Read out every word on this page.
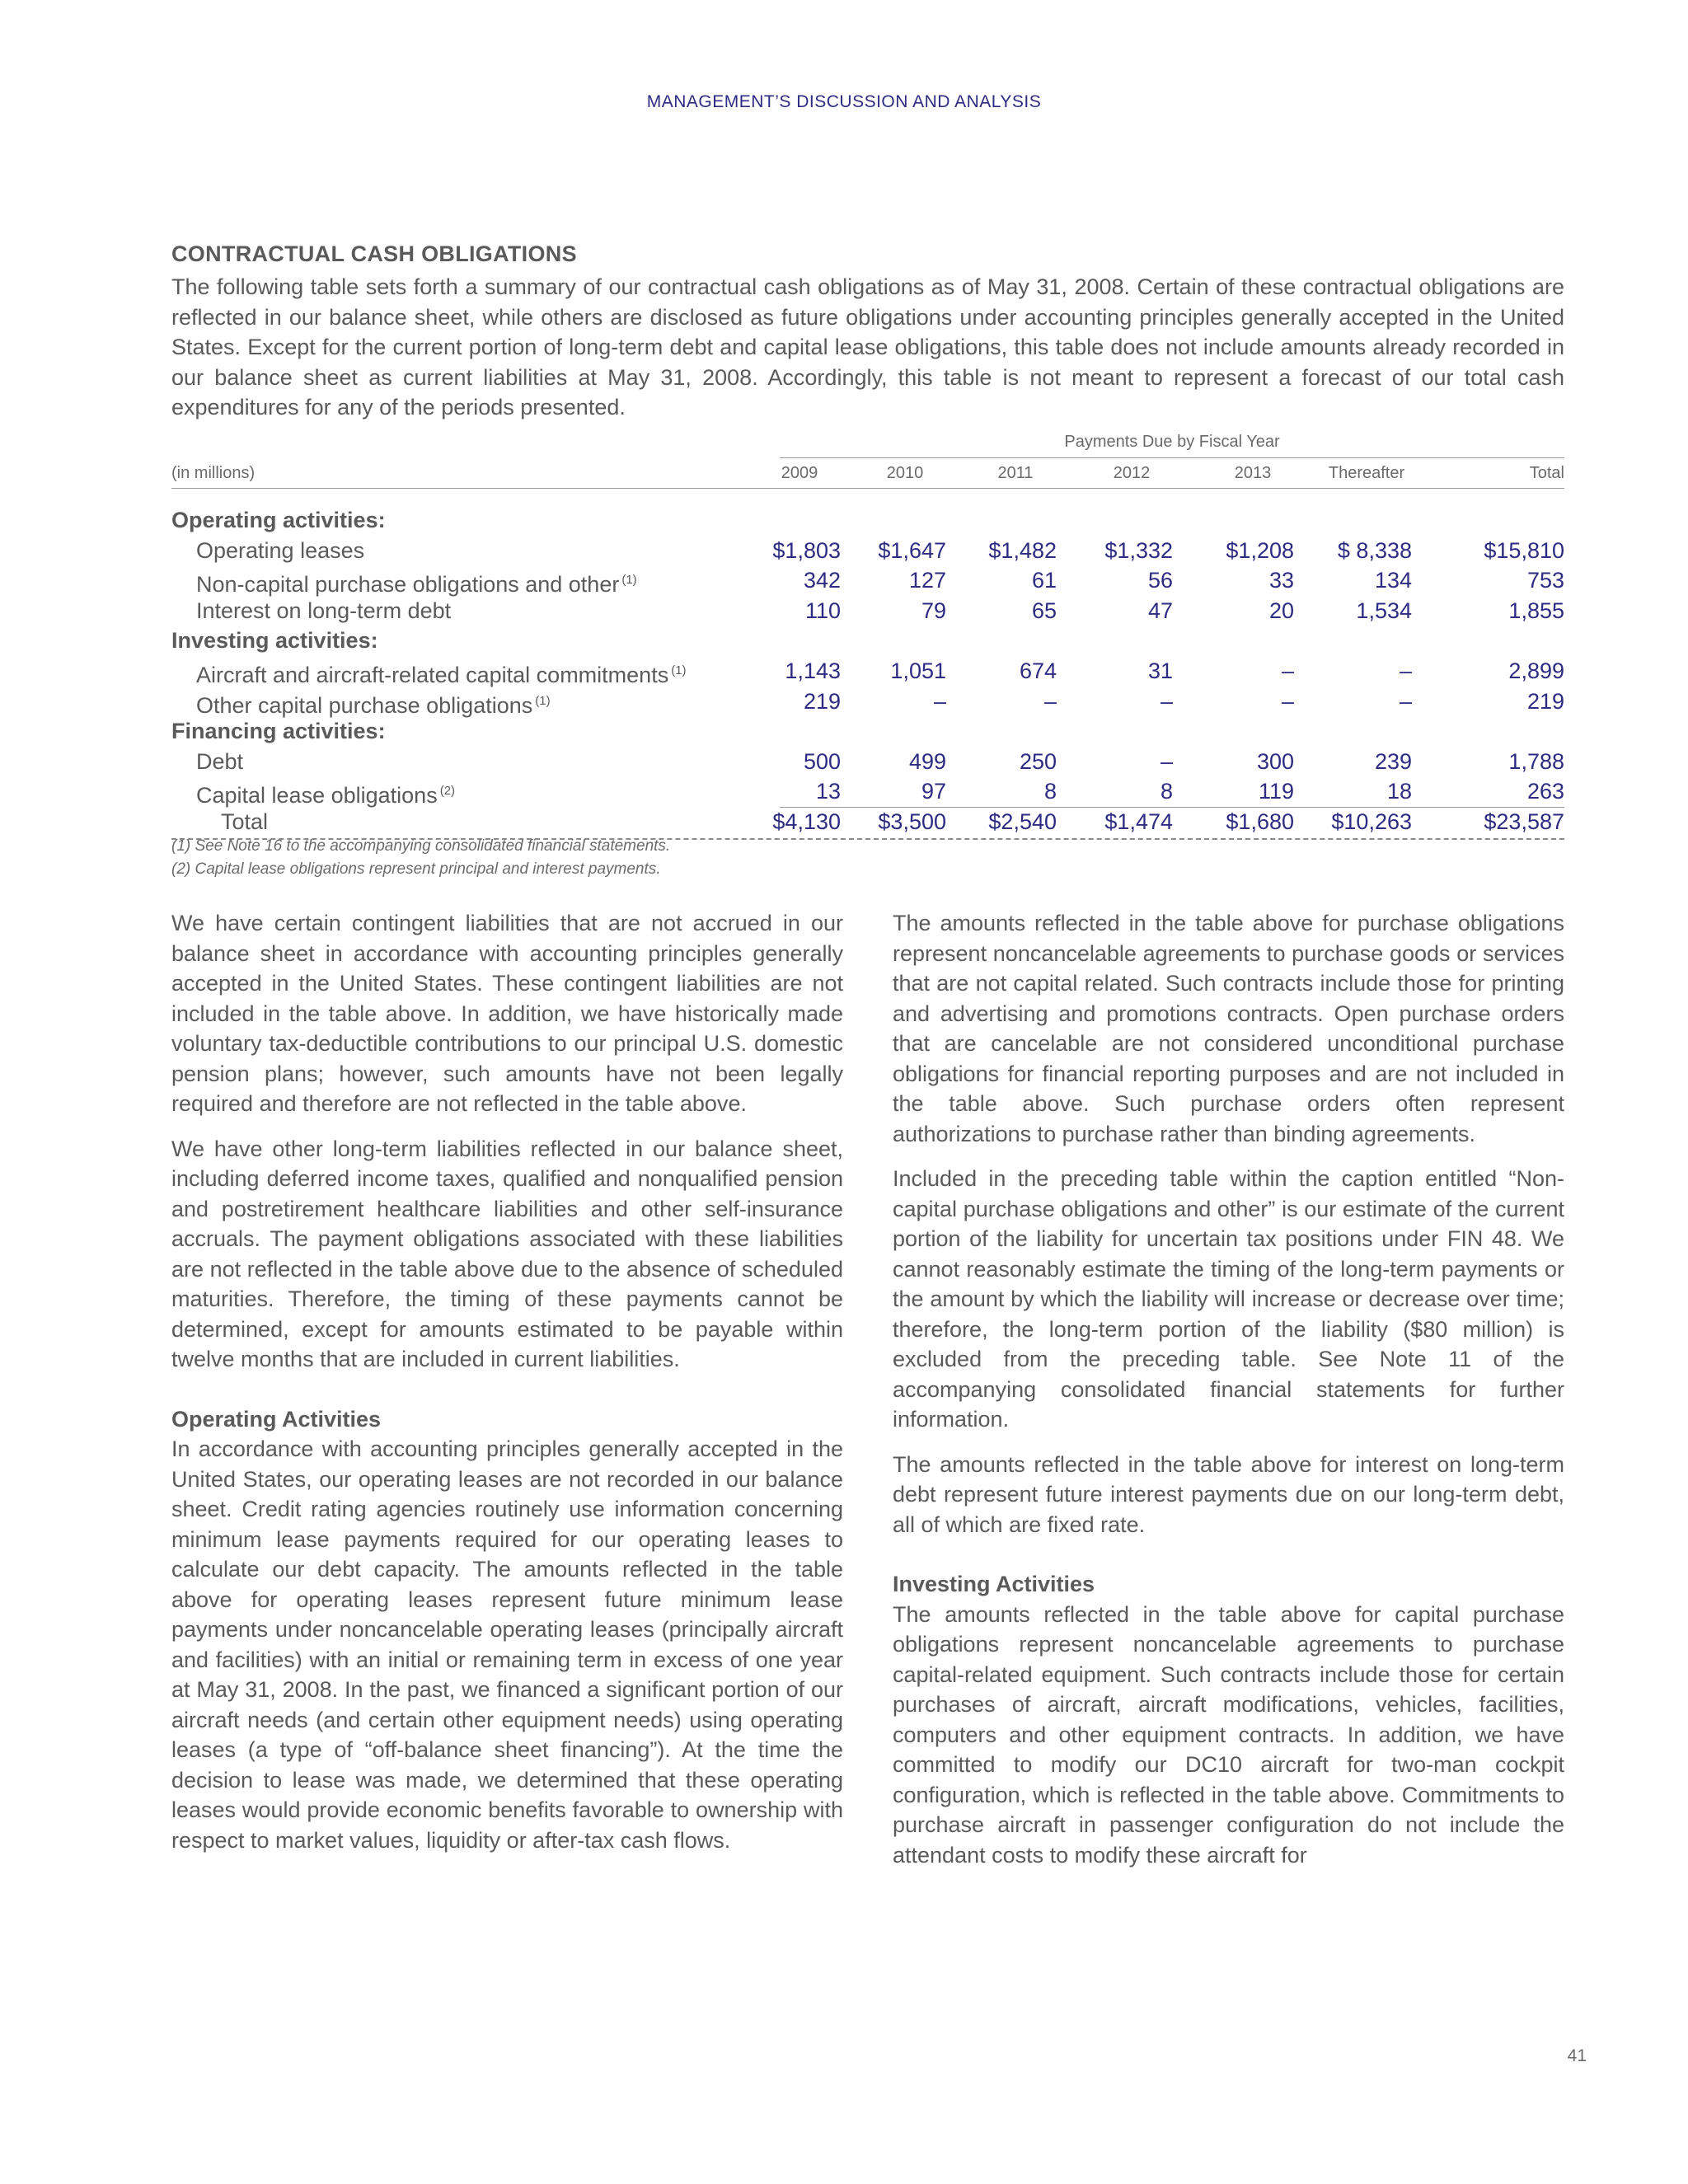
MANAGEMENT’S DISCUSSION AND ANALYSIS
CONTRACTUAL CASH OBLIGATIONS

The following table sets forth a summary of our contractual cash obligations as of May 31, 2008. Certain of these contractual obligations are reflected in our balance sheet, while others are disclosed as future obligations under accounting principles generally accepted in the United States. Except for the current portion of long-term debt and capital lease obligations, this table does not include amounts already recorded in our balance sheet as current liabilities at May 31, 2008. Accordingly, this table is not meant to represent a forecast of our total cash expenditures for any of the periods presented.

Payments Due by Fiscal Year
(in millions)	2009	2010	2011	2012	2013	Thereafter	Total
Operating activities:
Operating leases	$1,803 $1,647 $1,482 $1,332 $1,208 $ 8,338	$15,810
Non-capital purchase obligations and other $^{(1)}$	342	127	61	56	33	134	753
Interest on long-term debt	110	79	65	47	20	1,534	1,855
Investing activities:
Aircraft and aircraft-related capital commitments $^{(1)}$	1,143 1,051	674	31	–	–	2,899
Other capital purchase obligations $^{(1)}$	219	–	–	–	–	–	219
Financing activities:
Debt	500	499	250	–	300	239	1,788
Capital lease obligations $^{(2)}$	13	97	8	8	119	18	263
Total	$4,130 $3,500 $2,540 $1,474 $1,680 $10,263	$23,587
(1) See Note 16 to the accompanying consolidated financial statements.
(2) Capital lease obligations represent principal and interest payments.

We have certain contingent liabilities that are not accrued in our balance sheet in accordance with accounting principles generally accepted in the United States. These contingent liabilities are not included in the table above. In addition, we have historically made voluntary tax-deductible contributions to our principal U.S. domestic pension plans; however, such amounts have not been legally required and therefore are not reflected in the table above.

We have other long-term liabilities reflected in our balance sheet, including deferred income taxes, qualified and nonqualified pension and postretirement healthcare liabilities and other self-insurance accruals. The payment obligations associated with these liabilities are not reflected in the table above due to the absence of scheduled maturities. Therefore, the timing of these payments cannot be determined, except for amounts estimated to be payable within twelve months that are included in current liabilities.

Operating Activities

In accordance with accounting principles generally accepted in the United States, our operating leases are not recorded in our balance sheet. Credit rating agencies routinely use information concerning minimum lease payments required for our operating leases to calculate our debt capacity. The amounts reflected in the table above for operating leases represent future minimum lease payments under noncancelable operating leases (principally aircraft and facilities) with an initial or remaining term in excess of one year at May 31, 2008. In the past, we financed a significant portion of our aircraft needs (and certain other equipment needs) using operating leases (a type of “off-balance sheet financing”). At the time the decision to lease was made, we determined that these operating leases would provide economic benefits favorable to ownership with respect to market values, liquidity or after-tax cash flows.

The amounts reflected in the table above for purchase obligations represent noncancelable agreements to purchase goods or services that are not capital related. Such contracts include those for printing and advertising and promotions contracts. Open purchase orders that are cancelable are not considered unconditional purchase obligations for financial reporting purposes and are not included in the table above. Such purchase orders often represent authorizations to purchase rather than binding agreements.

Included in the preceding table within the caption entitled “Non-capital purchase obligations and other” is our estimate of the current portion of the liability for uncertain tax positions under FIN 48. We cannot reasonably estimate the timing of the long-term payments or the amount by which the liability will increase or decrease over time; therefore, the long-term portion of the liability ($80 million) is excluded from the preceding table. See Note 11 of the accompanying consolidated financial statements for further information.

The amounts reflected in the table above for interest on long-term debt represent future interest payments due on our long-term debt, all of which are fixed rate.

Investing Activities

The amounts reflected in the table above for capital purchase obligations represent noncancelable agreements to purchase capital-related equipment. Such contracts include those for certain purchases of aircraft, aircraft modifications, vehicles, facilities, computers and other equipment contracts. In addition, we have committed to modify our DC10 aircraft for two-man cockpit configuration, which is reflected in the table above. Commitments to purchase aircraft in passenger configuration do not include the attendant costs to modify these aircraft for

41
